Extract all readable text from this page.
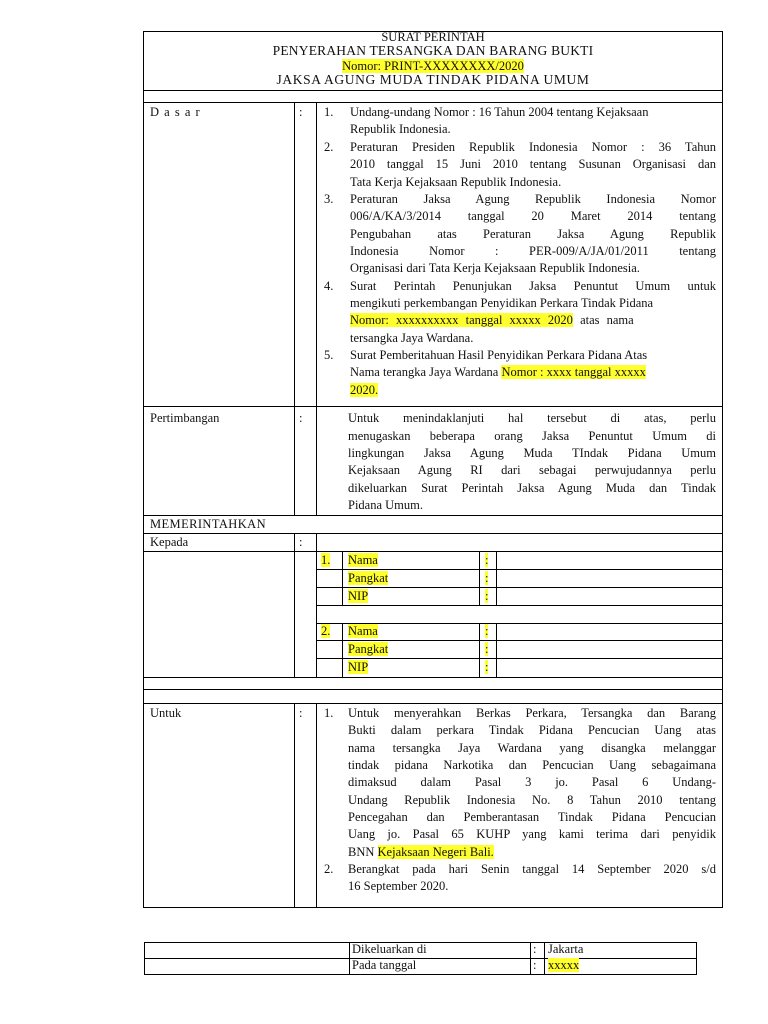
SURAT PERINTAH
PENYERAHAN TERSANGKA DAN BARANG BUKTI
Nomor: PRINT-XXXXXXXX/2020
JAKSA AGUNG MUDA TINDAK PIDANA UMUM
D a s a r	: 1. Undang-undang Nomor : 16 Tahun 2004 tentang Kejaksaan
Republik Indonesia.
2. Peraturan Presiden Republik Indonesia Nomor : 36 Tahun
2010 tanggal 15 Juni 2010 tentang Susunan Organisasi dan
Tata Kerja Kejaksaan Republik Indonesia.
3. Peraturan Jaksa Agung Republik Indonesia Nomor
006/A/KA/3/2014 tanggal 20 Maret 2014 tentang
Pengubahan atas Peraturan Jaksa Agung Republik
Indonesia Nomor : PER-009/A/JA/01/2011 tentang
Organisasi dari Tata Kerja Kejaksaan Republik Indonesia.
4. Surat Perintah Penunjukan Jaksa Penuntut Umum untuk
mengikuti perkembangan Penyidikan Perkara Tindak Pidana
Nomor: xxxxxxxxxx tanggal xxxxx 2020 atas nama
tersangka Jaya Wardana.
5. Surat Pemberitahuan Hasil Penyidikan Perkara Pidana Atas
Nama terangka Jaya Wardana Nomor : xxxx tanggal xxxxx
2020.
Pertimbangan	:	Untuk menindaklanjuti hal tersebut di atas, perlu
menugaskan beberapa orang Jaksa Penuntut Umum di
lingkungan Jaksa Agung Muda TIndak Pidana Umum
Kejaksaan Agung RI dari sebagai perwujudannya perlu
dikeluarkan Surat Perintah Jaksa Agung Muda dan Tindak
Pidana Umum.
MEMERINTAHKAN
Kepada	:
1. Nama	:
Pangkat	:
NIP	:
2. Nama	:
Pangkat	:
NIP	:
Untuk	: 1. Untuk menyerahkan Berkas Perkara, Tersangka dan Barang
Bukti dalam perkara Tindak Pidana Pencucian Uang atas
nama tersangka Jaya Wardana yang disangka melanggar
tindak pidana Narkotika dan Pencucian Uang sebagaimana
dimaksud dalam Pasal 3 jo. Pasal 6 Undang-
Undang Republik Indonesia No. 8 Tahun 2010 tentang
Pencegahan dan Pemberantasan Tindak Pidana Pencucian
Uang jo. Pasal 65 KUHP yang kami terima dari penyidik
BNN Kejaksaan Negeri Bali.
2. Berangkat pada hari Senin tanggal 14 September 2020 s/d
16 September 2020.
Dikeluarkan di	: Jakarta
Pada tanggal	: xxxxx
